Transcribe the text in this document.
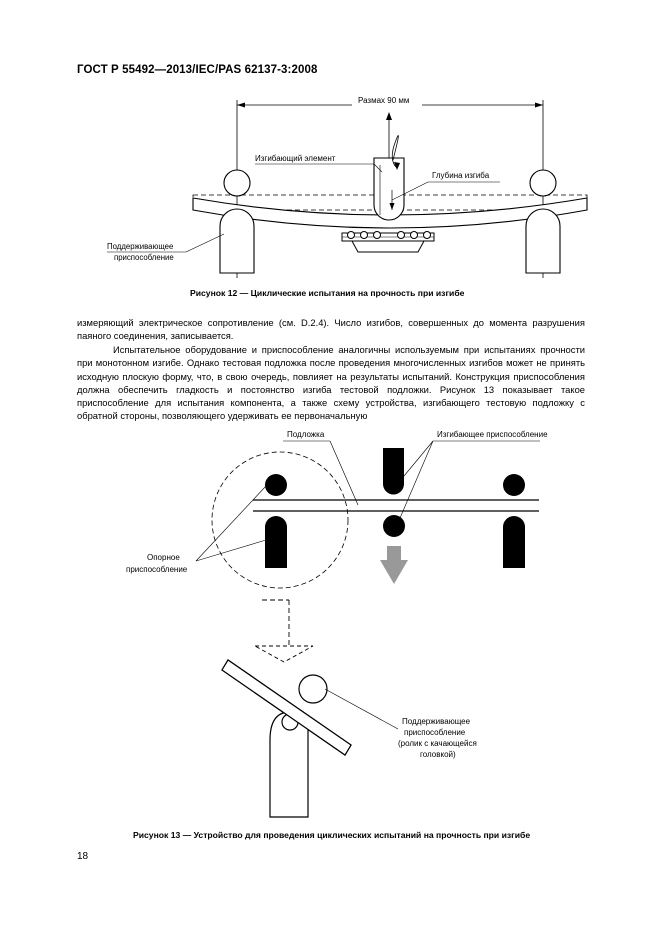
ГОСТ Р 55492—2013/IEC/PAS 62137-3:2008
Размах 90 мм
Изгибающий элемент
Глубина изгиба
Поддерживающее
приспособление
Рисунок 12 — Циклические испытания на прочность при изгибе
измеряющий электрическое сопротивление (см. D.2.4). Число изгибов, совершенных до момента разрушения паяного соединения, записывается.
Испытательное оборудование и приспособление аналогичны используемым при испытаниях прочности при монотонном изгибе. Однако тестовая подложка после проведения многочисленных изгибов может не принять исходную плоскую форму, что, в свою очередь, повлияет на результаты испытаний. Конструкция приспособления должна обеспечить гладкость и постоянство изгиба тестовой подложки. Рисунок 13 показывает такое приспособление для испытания компонента, а также схему устройства, изгибающего тестовую подложку с обратной стороны, позволяющего удерживать ее первоначальную
Подложка	Изгибающее приспособление
Опорное
приспособление
Поддерживающее
приспособление
(ролик с качающейся
головкой)
Рисунок 13 — Устройство для проведения циклических испытаний на прочность при изгибе
18
